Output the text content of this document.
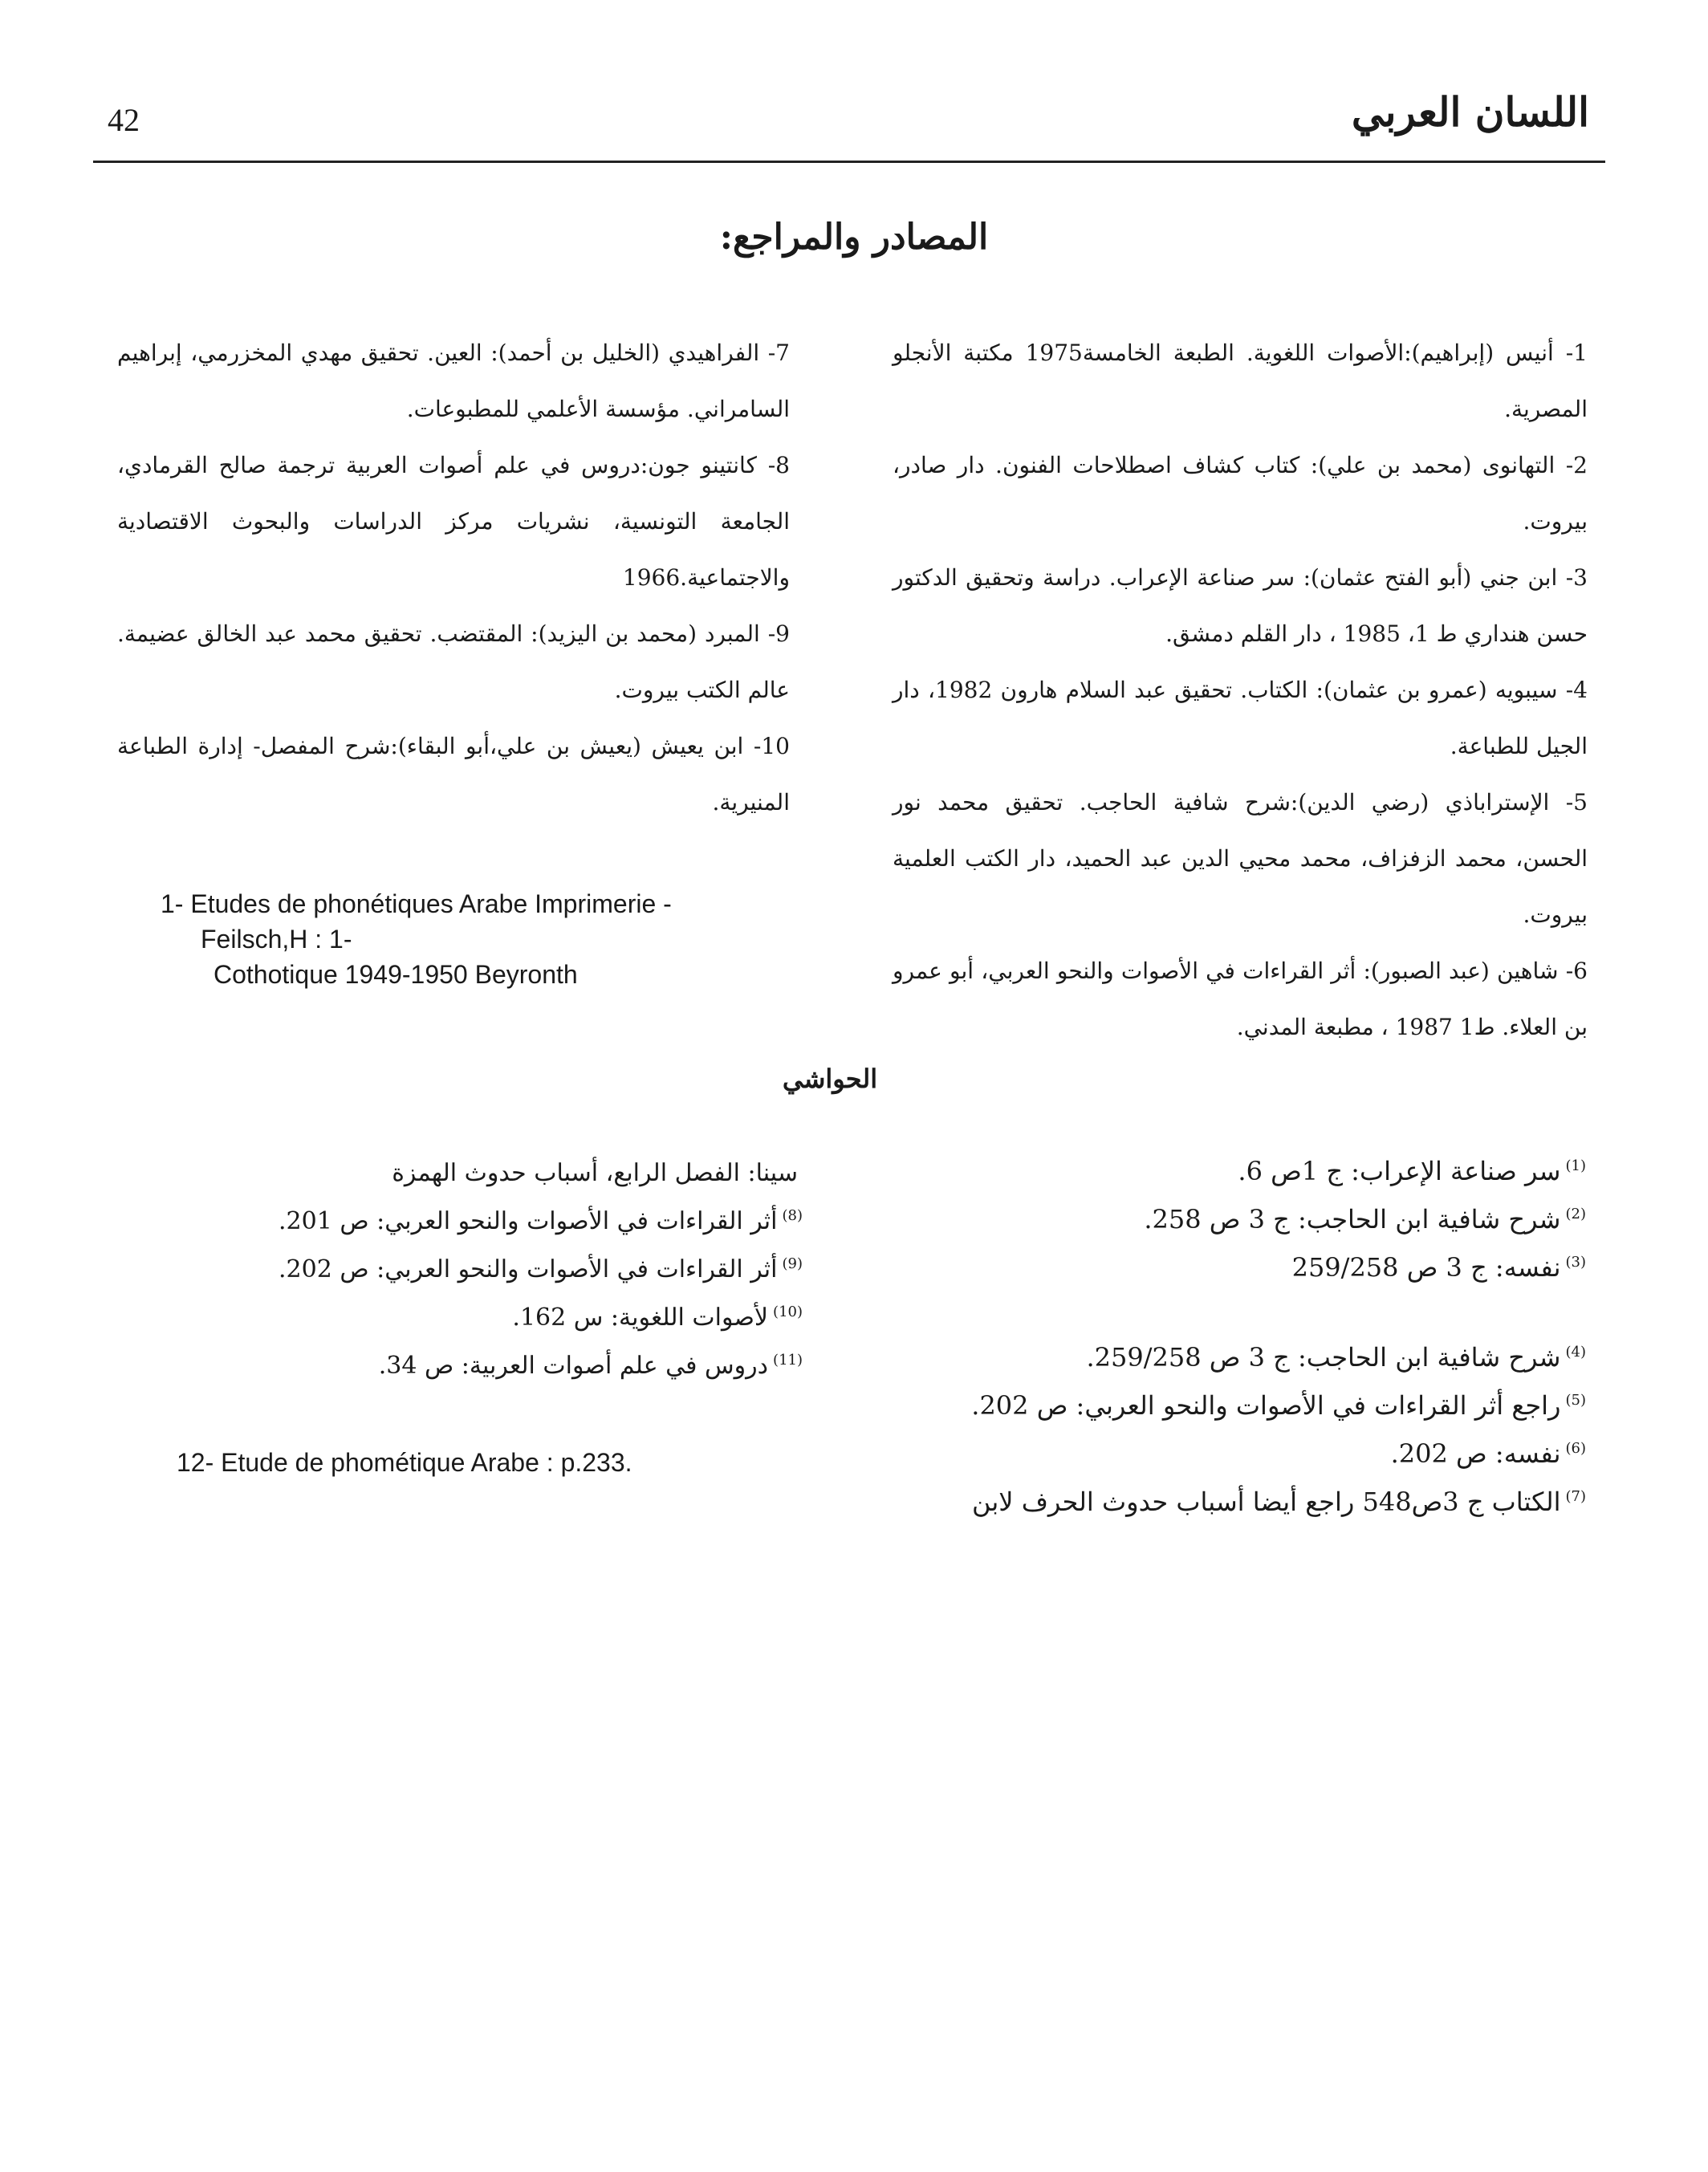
42	اللسان العربي
المصادر والمراجع:
1- أنيس (إبراهيم):الأصوات اللغوية. الطبعة الخامسة1975 مكتبة الأنجلو المصرية.
2- التهانوى (محمد بن علي): كتاب كشاف اصطلاحات الفنون. دار صادر، بيروت.
3- ابن جني (أبو الفتح عثمان): سر صناعة الإعراب. دراسة وتحقيق الدكتور حسن هنداري ط 1، 1985 ، دار القلم دمشق.
4- سيبويه (عمرو بن عثمان): الكتاب. تحقيق عبد السلام هارون 1982، دار الجيل للطباعة.
5- الإستراباذي (رضي الدين):شرح شافية الحاجب. تحقيق محمد نور الحسن، محمد الزفزاف، محمد محيي الدين عبد الحميد، دار الكتب العلمية بيروت.
6- شاهين (عبد الصبور): أثر القراءات في الأصوات والنحو العربي، أبو عمرو بن العلاء. ط1 1987 ، مطبعة المدني.
7- الفراهيدي (الخليل بن أحمد): العين. تحقيق مهدي المخزرمي، إبراهيم السامراني. مؤسسة الأعلمي للمطبوعات.
8- كانتينو جون:دروس في علم أصوات العربية ترجمة صالح القرمادي، الجامعة التونسية، نشريات مركز الدراسات والبحوث الاقتصادية والاجتماعية.1966
9- المبرد (محمد بن اليزيد): المقتضب. تحقيق محمد عبد الخالق عضيمة. عالم الكتب بيروت.
10- ابن يعيش (يعيش بن علي،أبو البقاء):شرح المفصل- إدارة الطباعة المنيرية.
1- Etudes de phonétiques Arabe Imprimerie -
Feilsch,H : 1-
Cothotique 1949-1950 Beyronth
الحواشي
$^{(1)}$سر صناعة الإعراب: ج 1ص 6.
$^{(2)}$شرح شافية ابن الحاجب: ج 3 ص 258.
$^{(3)}$نفسه: ج 3 ص 259/258
$^{(4)}$شرح شافية ابن الحاجب: ج 3 ص 259/258.
$^{(5)}$راجع أثر القراءات في الأصوات والنحو العربي: ص 202.
$^{(6)}$نفسه: ص 202.
$^{(7)}$الكتاب ج 3ص548 راجع أيضا أسباب حدوث الحرف لابن
سينا: الفصل الرابع، أسباب حدوث الهمزة
$^{(8)}$أثر القراءات في الأصوات والنحو العربي: ص 201.
$^{(9)}$أثر القراءات في الأصوات والنحو العربي: ص 202.
$^{(10)}$لأصوات اللغوية: س 162.
$^{(11)}$دروس في علم أصوات العربية: ص 34.
12- Etude de phométique Arabe : p.233.
